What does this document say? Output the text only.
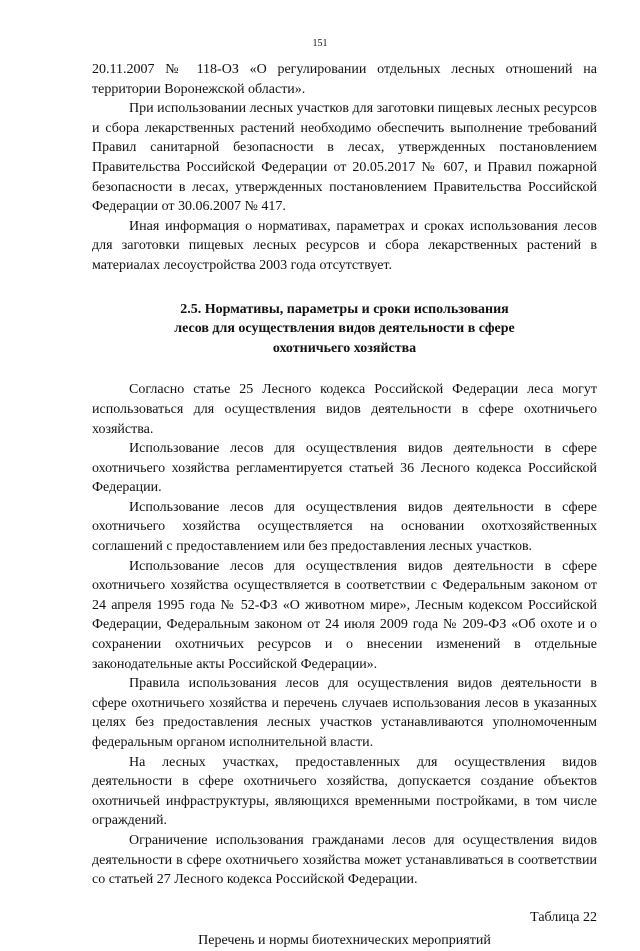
151

20.11.2007 № 118-ОЗ «О регулировании отдельных лесных отношений на территории Воронежской области».

При использовании лесных участков для заготовки пищевых лесных ресурсов и сбора лекарственных растений необходимо обеспечить выполнение требований Правил санитарной безопасности в лесах, утвержденных постановлением Правительства Российской Федерации от 20.05.2017 № 607, и Правил пожарной безопасности в лесах, утвержденных постановлением Правительства Российской Федерации от 30.06.2007 № 417.

Иная информация о нормативах, параметрах и сроках использования лесов для заготовки пищевых лесных ресурсов и сбора лекарственных растений в материалах лесоустройства 2003 года отсутствует.

2.5. Нормативы, параметры и сроки использования
лесов для осуществления видов деятельности в сфере
охотничьего хозяйства

Согласно статье 25 Лесного кодекса Российской Федерации леса могут использоваться для осуществления видов деятельности в сфере охотничьего хозяйства.

Использование лесов для осуществления видов деятельности в сфере охотничьего хозяйства регламентируется статьей 36 Лесного кодекса Российской Федерации.

Использование лесов для осуществления видов деятельности в сфере охотничьего хозяйства осуществляется на основании охотхозяйственных соглашений с предоставлением или без предоставления лесных участков.

Использование лесов для осуществления видов деятельности в сфере охотничьего хозяйства осуществляется в соответствии с Федеральным законом от 24 апреля 1995 года № 52-ФЗ «О животном мире», Лесным кодексом Российской Федерации, Федеральным законом от 24 июля 2009 года № 209-ФЗ «Об охоте и о сохранении охотничьих ресурсов и о внесении изменений в отдельные законодательные акты Российской Федерации».

Правила использования лесов для осуществления видов деятельности в сфере охотничьего хозяйства и перечень случаев использования лесов в указанных целях без предоставления лесных участков устанавливаются уполномоченным федеральным органом исполнительной власти.

На лесных участках, предоставленных для осуществления видов деятельности в сфере охотничьего хозяйства, допускается создание объектов охотничьей инфраструктуры, являющихся временными постройками, в том числе ограждений.

Ограничение использования гражданами лесов для осуществления видов деятельности в сфере охотничьего хозяйства может устанавливаться в соответствии со статьей 27 Лесного кодекса Российской Федерации.

Таблица 22
Перечень и нормы биотехнических мероприятий
